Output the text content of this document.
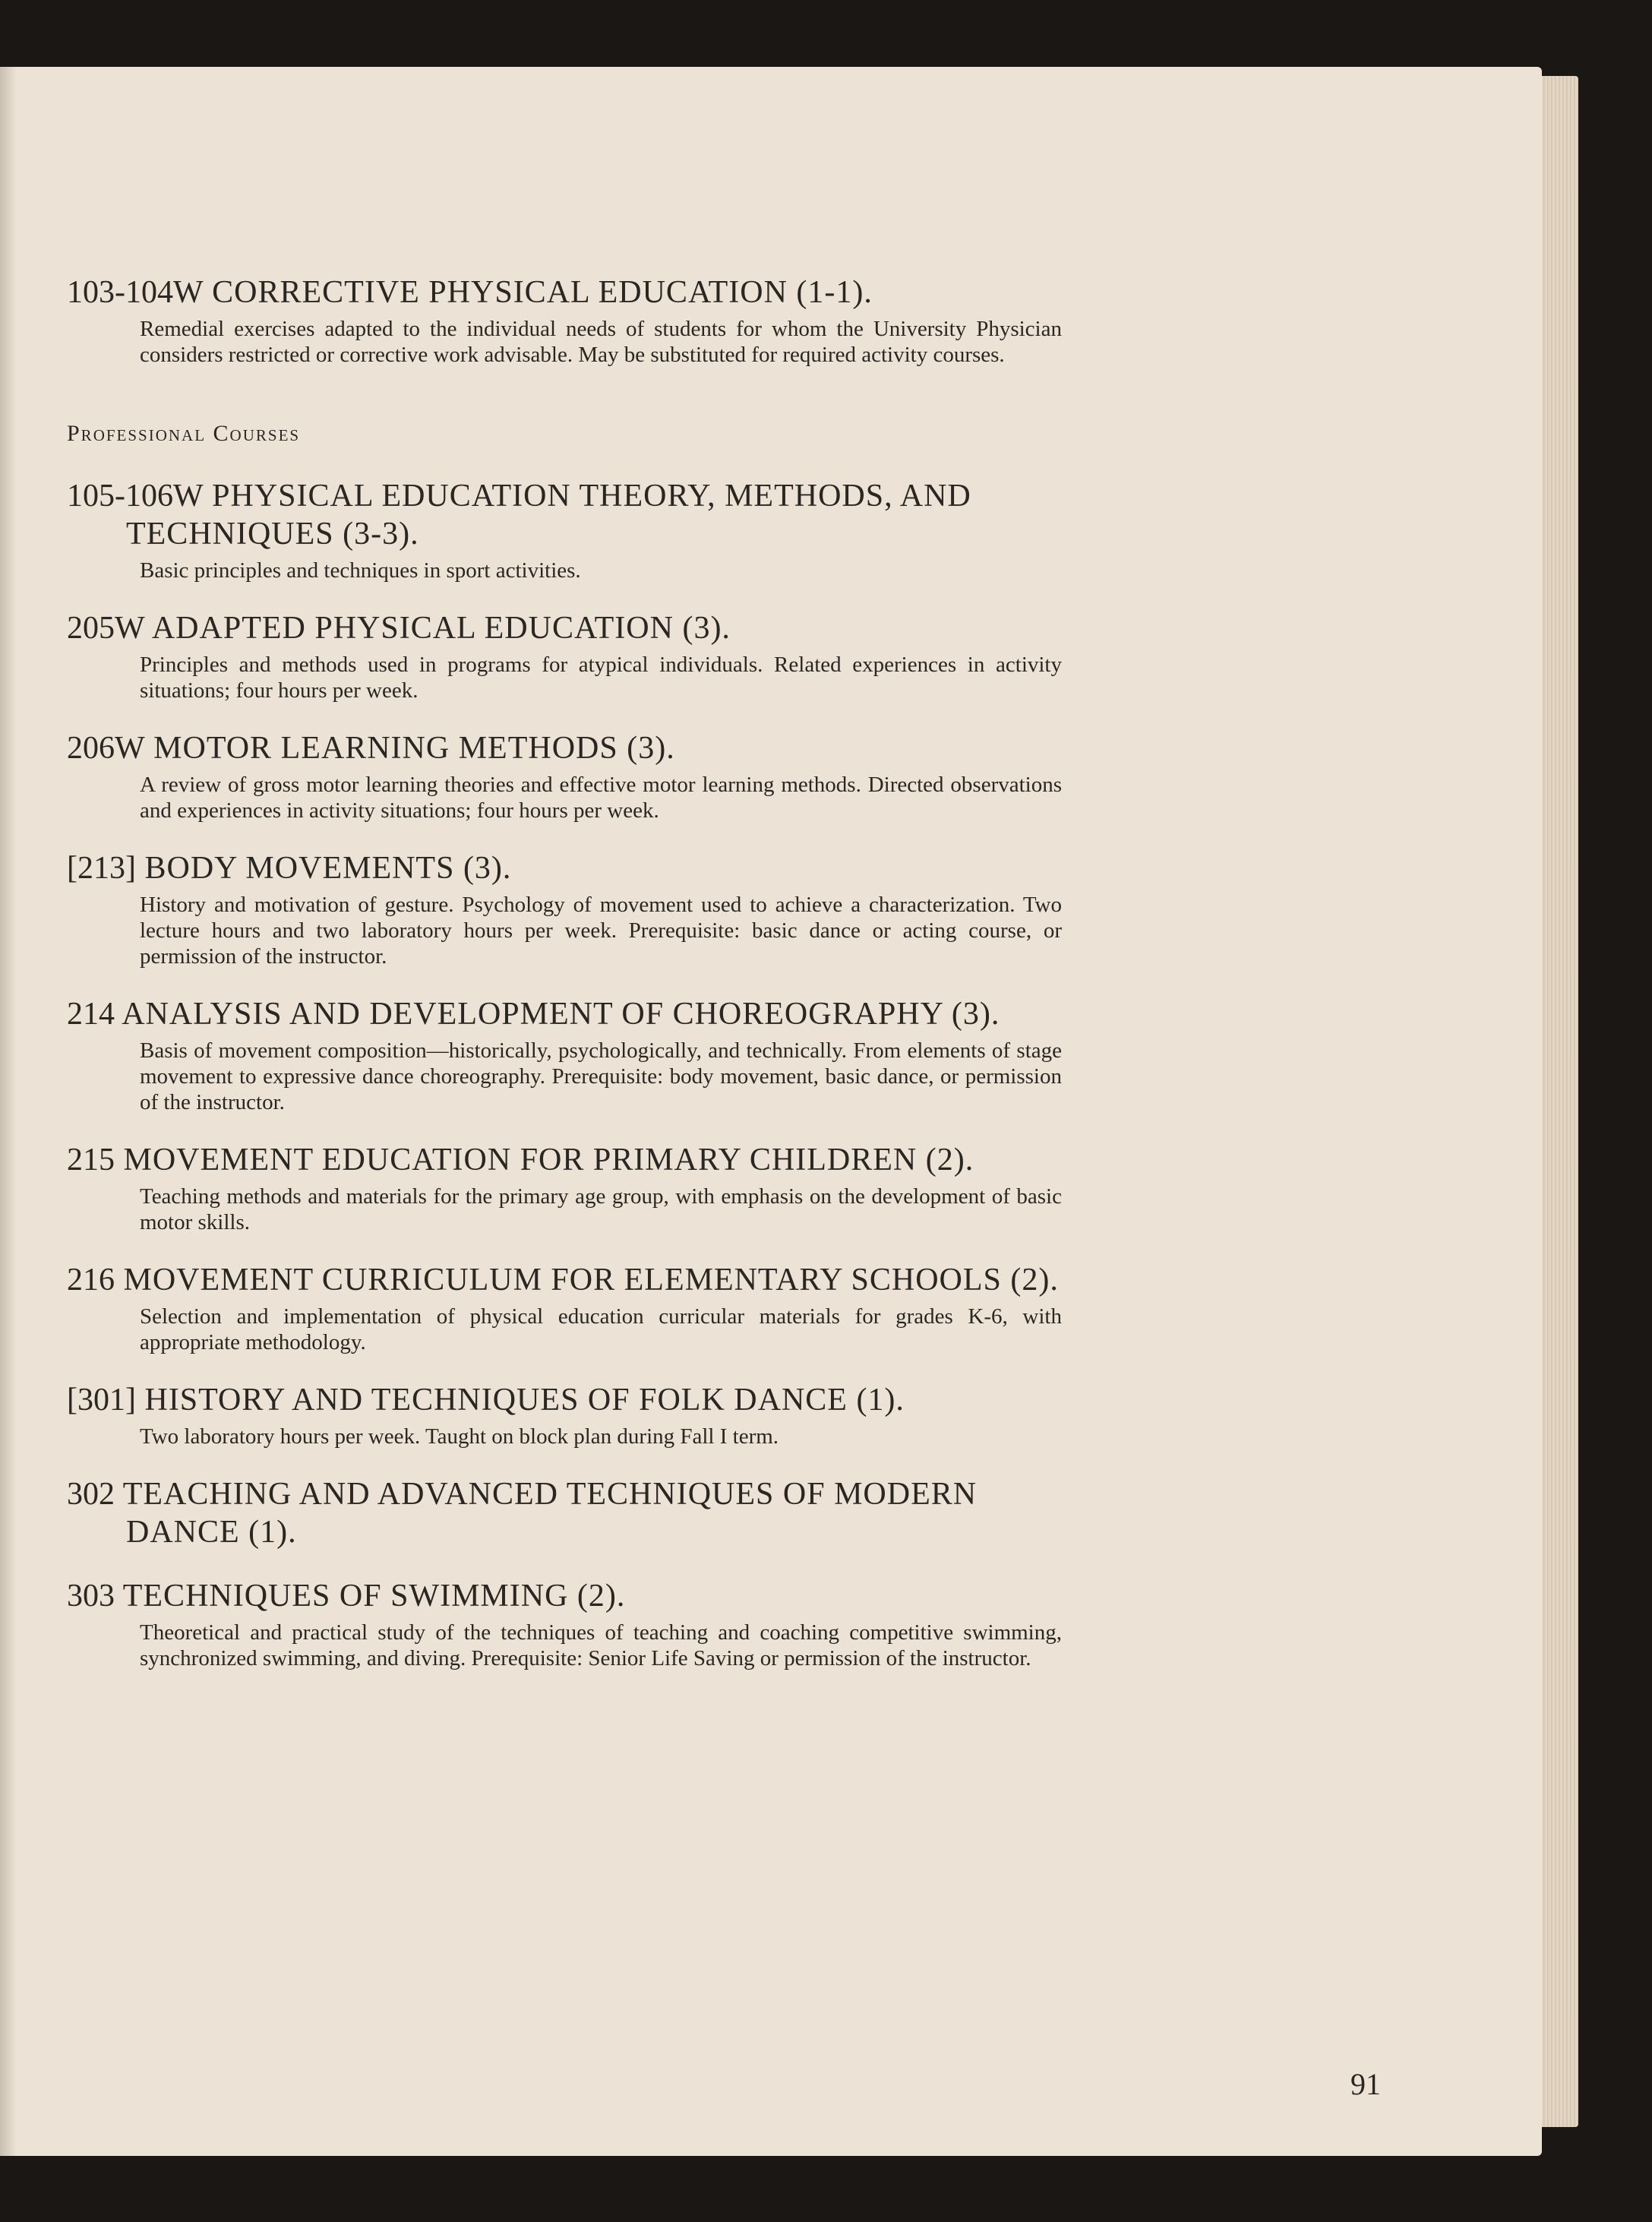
103-104W CORRECTIVE PHYSICAL EDUCATION (1-1).

Remedial exercises adapted to the individual needs of students for whom the University Physician considers restricted or corrective work advisable. May be substituted for required activity courses.

Professional Courses

105-106W PHYSICAL EDUCATION THEORY, METHODS, AND TECHNIQUES (3-3).

Basic principles and techniques in sport activities.

205W ADAPTED PHYSICAL EDUCATION (3).

Principles and methods used in programs for atypical individuals. Related experiences in activity situations; four hours per week.

206W MOTOR LEARNING METHODS (3).

A review of gross motor learning theories and effective motor learning methods. Directed observations and experiences in activity situations; four hours per week.

[213] BODY MOVEMENTS (3).

History and motivation of gesture. Psychology of movement used to achieve a characterization. Two lecture hours and two laboratory hours per week. Prerequisite: basic dance or acting course, or permission of the instructor.

214 ANALYSIS AND DEVELOPMENT OF CHOREOGRAPHY (3).

Basis of movement composition—historically, psychologically, and technically. From elements of stage movement to expressive dance choreography. Prerequisite: body movement, basic dance, or permission of the instructor.

215 MOVEMENT EDUCATION FOR PRIMARY CHILDREN (2).

Teaching methods and materials for the primary age group, with emphasis on the development of basic motor skills.

216 MOVEMENT CURRICULUM FOR ELEMENTARY SCHOOLS (2).

Selection and implementation of physical education curricular materials for grades K-6, with appropriate methodology.

[301] HISTORY AND TECHNIQUES OF FOLK DANCE (1).

Two laboratory hours per week. Taught on block plan during Fall I term.

302 TEACHING AND ADVANCED TECHNIQUES OF MODERN DANCE (1).

303 TECHNIQUES OF SWIMMING (2).

Theoretical and practical study of the techniques of teaching and coaching competitive swimming, synchronized swimming, and diving. Prerequisite: Senior Life Saving or permission of the instructor.

91
